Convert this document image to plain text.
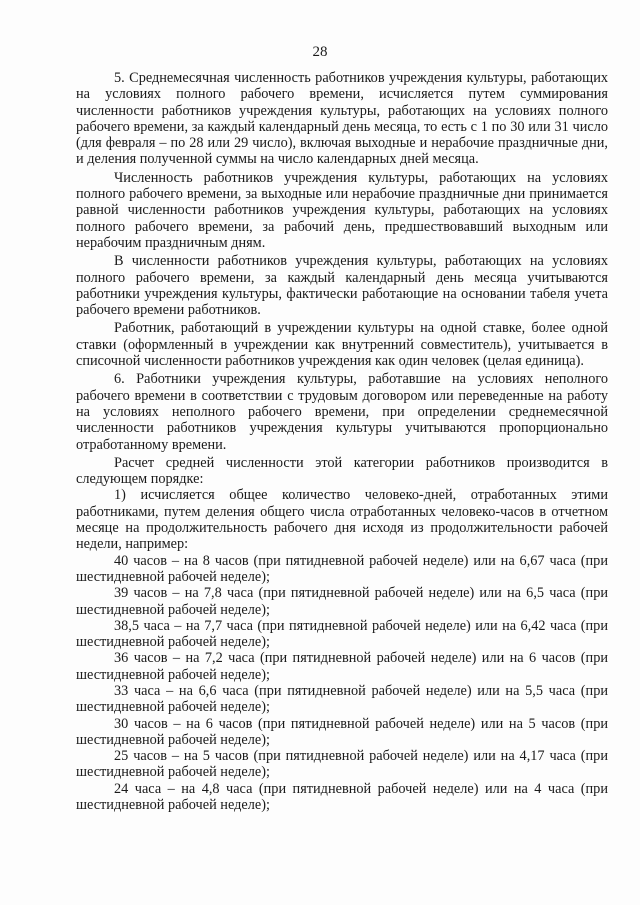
28

5. Среднемесячная численность работников учреждения культуры, работающих на условиях полного рабочего времени, исчисляется путем суммирования численности работников учреждения культуры, работающих на условиях полного рабочего времени, за каждый календарный день месяца, то есть с 1 по 30 или 31 число (для февраля – по 28 или 29 число), включая выходные и нерабочие праздничные дни, и деления полученной суммы на число календарных дней месяца.

Численность работников учреждения культуры, работающих на условиях полного рабочего времени, за выходные или нерабочие праздничные дни принимается равной численности работников учреждения культуры, работающих на условиях полного рабочего времени, за рабочий день, предшествовавший выходным или нерабочим праздничным дням.

В численности работников учреждения культуры, работающих на условиях полного рабочего времени, за каждый календарный день месяца учитываются работники учреждения культуры, фактически работающие на основании табеля учета рабочего времени работников.

Работник, работающий в учреждении культуры на одной ставке, более одной ставки (оформленный в учреждении как внутренний совместитель), учитывается в списочной численности работников учреждения как один человек (целая единица).

6. Работники учреждения культуры, работавшие на условиях неполного рабочего времени в соответствии с трудовым договором или переведенные на работу на условиях неполного рабочего времени, при определении среднемесячной численности работников учреждения культуры учитываются пропорционально отработанному времени.

Расчет средней численности этой категории работников производится в следующем порядке:

1) исчисляется общее количество человеко-дней, отработанных этими работниками, путем деления общего числа отработанных человеко-часов в отчетном месяце на продолжительность рабочего дня исходя из продолжительности рабочей недели, например:

40 часов – на 8 часов (при пятидневной рабочей неделе) или на 6,67 часа (при шестидневной рабочей неделе);

39 часов – на 7,8 часа (при пятидневной рабочей неделе) или на 6,5 часа (при шестидневной рабочей неделе);

38,5 часа – на 7,7 часа (при пятидневной рабочей неделе) или на 6,42 часа (при шестидневной рабочей неделе);

36 часов – на 7,2 часа (при пятидневной рабочей неделе) или на 6 часов (при шестидневной рабочей неделе);

33 часа – на 6,6 часа (при пятидневной рабочей неделе) или на 5,5 часа (при шестидневной рабочей неделе);

30 часов – на 6 часов (при пятидневной рабочей неделе) или на 5 часов (при шестидневной рабочей неделе);

25 часов – на 5 часов (при пятидневной рабочей неделе) или на 4,17 часа (при шестидневной рабочей неделе);

24 часа – на 4,8 часа (при пятидневной рабочей неделе) или на 4 часа (при шестидневной рабочей неделе);
